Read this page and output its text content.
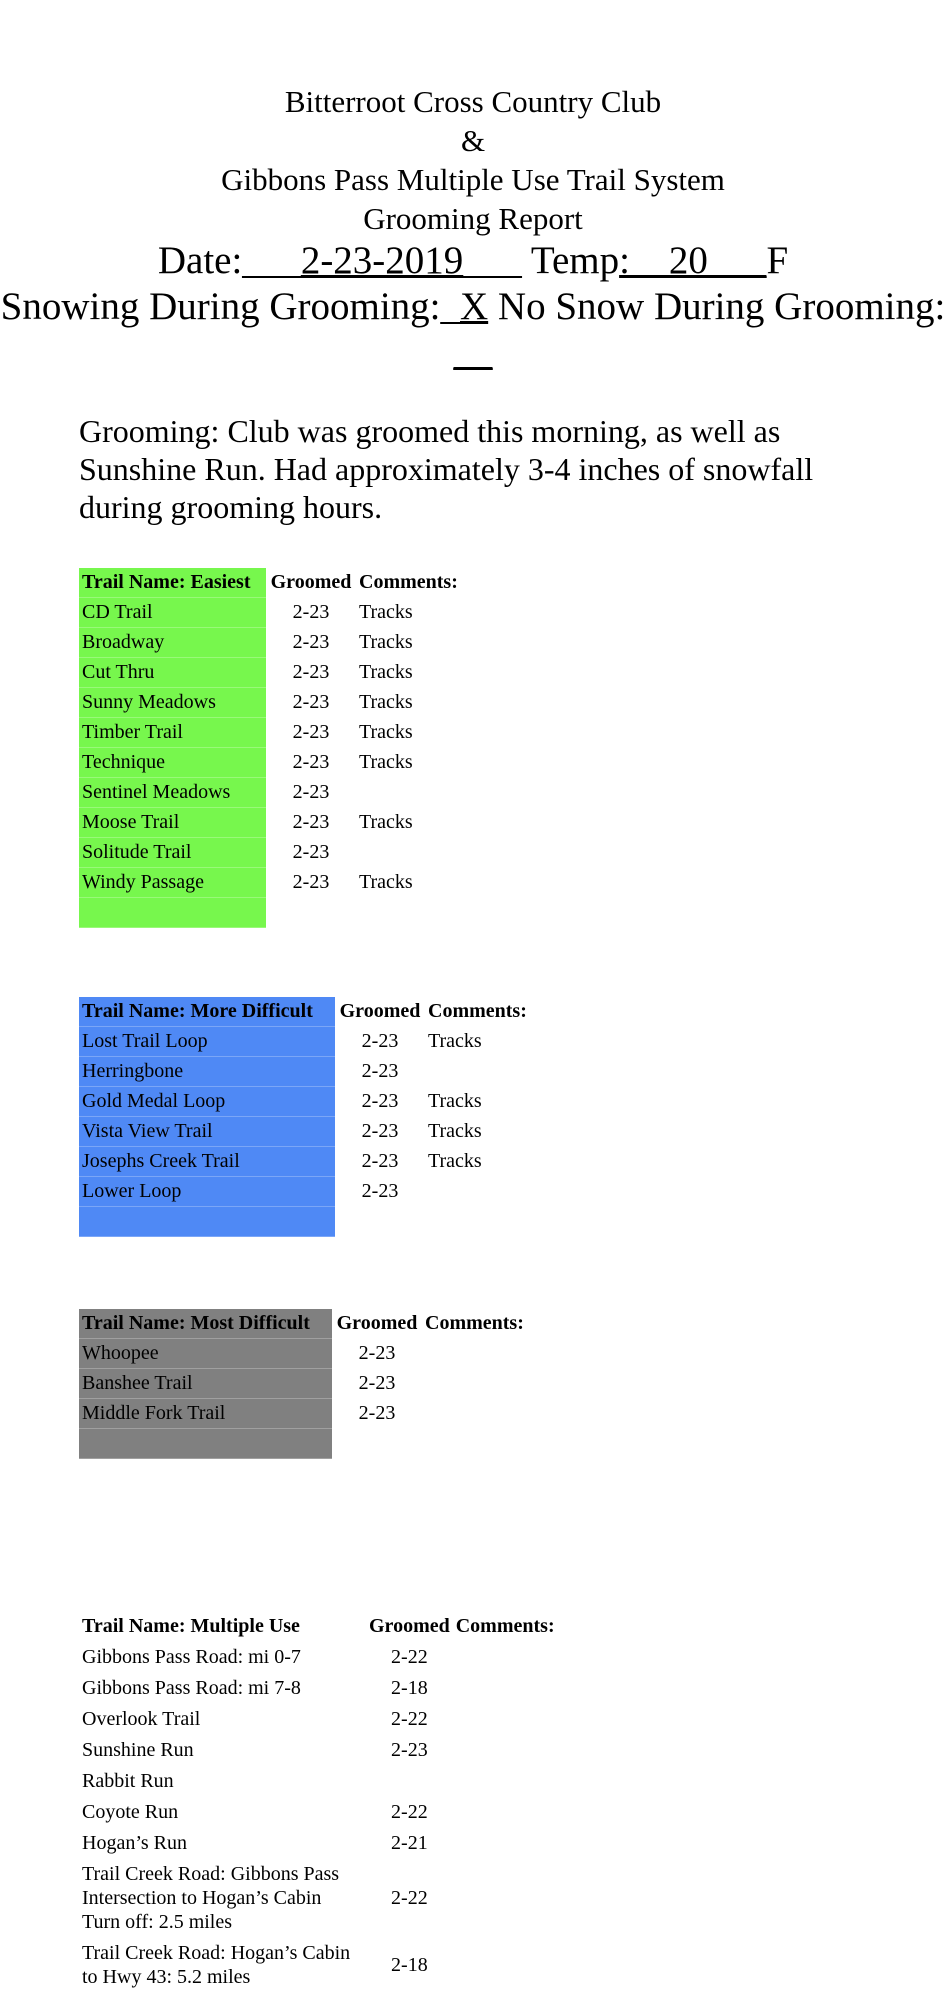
Bitterroot Cross Country Club
&
Gibbons Pass Multiple Use Trail System
Grooming Report
Date:___2-23-2019___ Temp:__20___F
Snowing During Grooming:_X No Snow During Grooming: __
Grooming: Club was groomed this morning, as well as Sunshine Run. Had approximately 3-4 inches of snowfall during grooming hours.
Trail Name: Easiest	Groomed	Comments:
CD Trail	2-23	Tracks
Broadway	2-23	Tracks
Cut Thru	2-23	Tracks
Sunny Meadows	2-23	Tracks
Timber Trail	2-23	Tracks
Technique	2-23	Tracks
Sentinel Meadows	2-23	
Moose Trail	2-23	Tracks
Solitude Trail	2-23	
Windy Passage	2-23	Tracks

Trail Name: More Difficult	Groomed	Comments:
Lost Trail Loop	2-23	Tracks
Herringbone	2-23	
Gold Medal Loop	2-23	Tracks
Vista View Trail	2-23	Tracks
Josephs Creek Trail	2-23	Tracks
Lower Loop	2-23	

Trail Name: Most Difficult	Groomed	Comments:
Whoopee	2-23	
Banshee Trail	2-23	
Middle Fork Trail	2-23	

Trail Name: Multiple Use	Groomed	Comments:
Gibbons Pass Road: mi 0-7	2-22	
Gibbons Pass Road: mi 7-8	2-18	
Overlook Trail	2-22	
Sunshine Run	2-23	
Rabbit Run		
Coyote Run	2-22	
Hogan’s Run	2-21	
Trail Creek Road: Gibbons Pass Intersection to Hogan’s Cabin Turn off: 2.5 miles	2-22	
Trail Creek Road: Hogan’s Cabin to Hwy 43: 5.2 miles	2-18	
